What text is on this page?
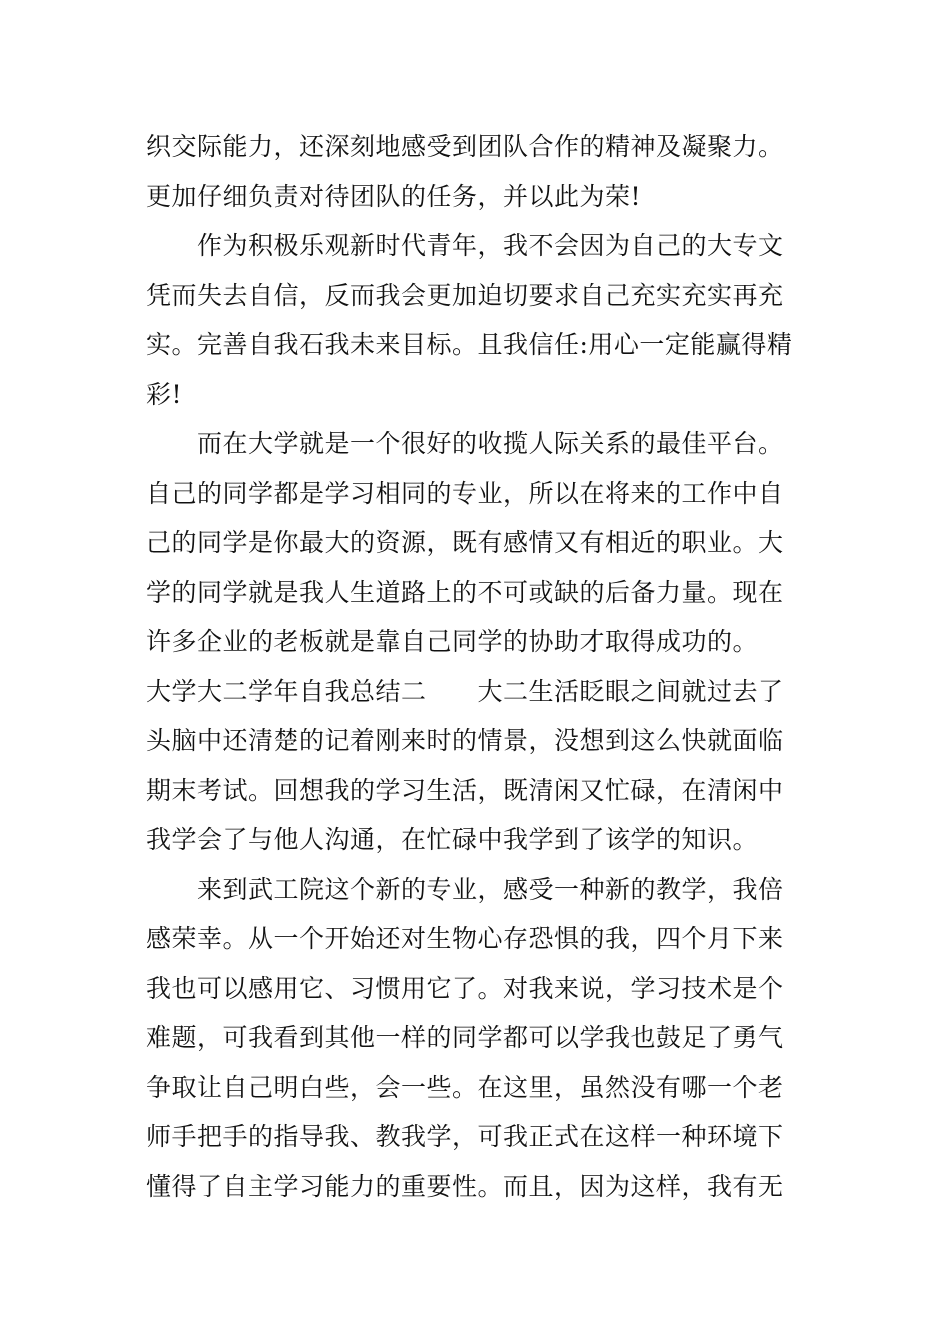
织交际能力，还深刻地感受到团队合作的精神及凝聚力。
更加仔细负责对待团队的任务，并以此为荣!
　　作为积极乐观新时代青年，我不会因为自己的大专文
凭而失去自信，反而我会更加迫切要求自己充实充实再充
实。完善自我石我未来目标。且我信任:用心一定能赢得精
彩!
　　而在大学就是一个很好的收揽人际关系的最佳平台。
自己的同学都是学习相同的专业，所以在将来的工作中自
己的同学是你最大的资源，既有感情又有相近的职业。大
学的同学就是我人生道路上的不可或缺的后备力量。现在
许多企业的老板就是靠自己同学的协助才取得成功的。
大学大二学年自我总结二　　大二生活眨眼之间就过去了
头脑中还清楚的记着刚来时的情景，没想到这么快就面临
期末考试。回想我的学习生活，既清闲又忙碌，在清闲中
我学会了与他人沟通，在忙碌中我学到了该学的知识。
　　来到武工院这个新的专业，感受一种新的教学，我倍
感荣幸。从一个开始还对生物心存恐惧的我，四个月下来
我也可以感用它、习惯用它了。对我来说，学习技术是个
难题，可我看到其他一样的同学都可以学我也鼓足了勇气
争取让自己明白些，会一些。在这里，虽然没有哪一个老
师手把手的指导我、教我学，可我正式在这样一种环境下
懂得了自主学习能力的重要性。而且，因为这样，我有无
